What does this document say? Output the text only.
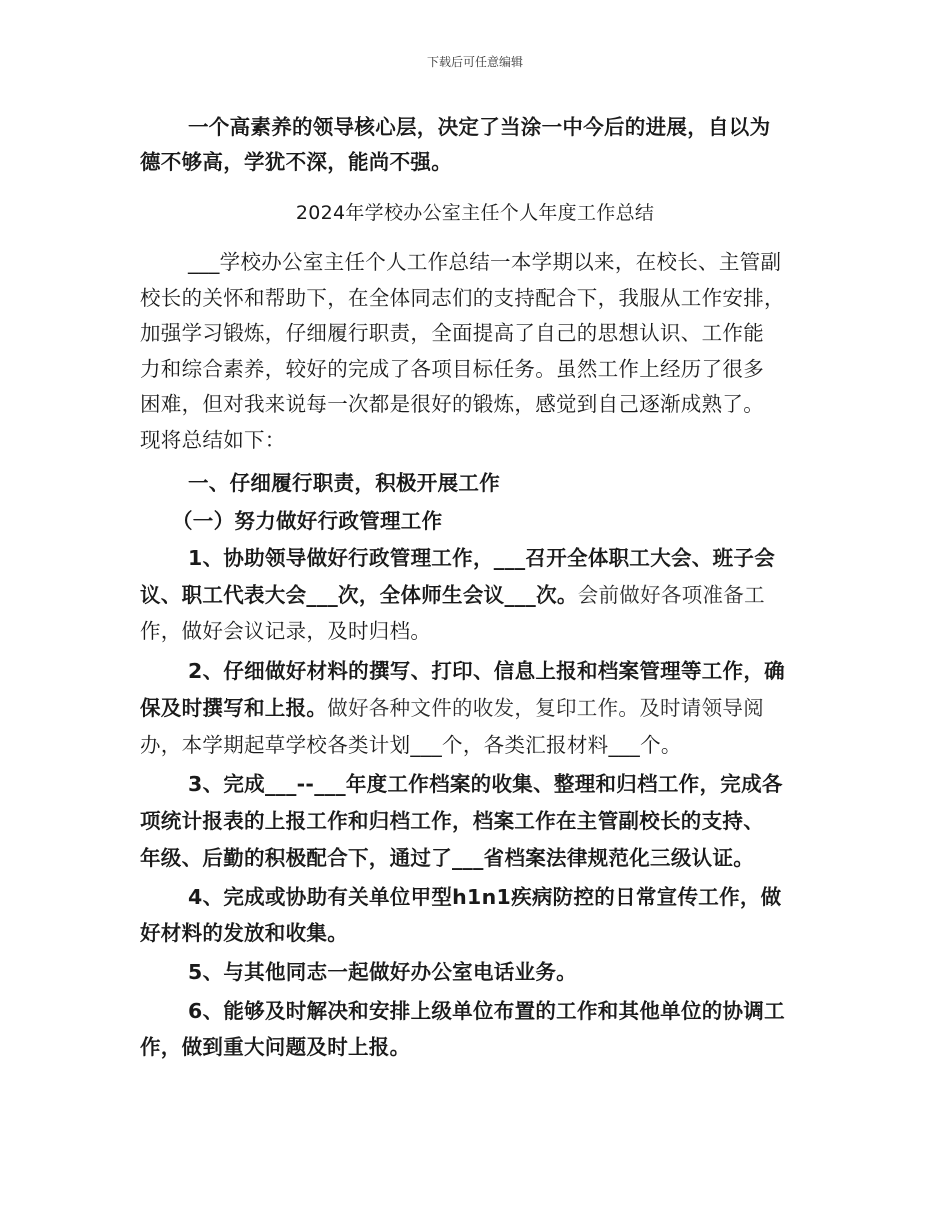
下载后可任意编辑
一个高素养的领导核心层，决定了当涂一中今后的进展，自以为
德不够高，学犹不深，能尚不强。
2024年学校办公室主任个人年度工作总结
___学校办公室主任个人工作总结一本学期以来，在校长、主管副
校长的关怀和帮助下，在全体同志们的支持配合下，我服从工作安排，
加强学习锻炼，仔细履行职责，全面提高了自己的思想认识、工作能
力和综合素养，较好的完成了各项目标任务。虽然工作上经历了很多
困难，但对我来说每一次都是很好的锻炼，感觉到自己逐渐成熟了。
现将总结如下：
一、仔细履行职责，积极开展工作
（一）努力做好行政管理工作
1、协助领导做好行政管理工作，___召开全体职工大会、班子会
议、职工代表大会___次，全体师生会议___次。会前做好各项准备工
作，做好会议记录，及时归档。
2、仔细做好材料的撰写、打印、信息上报和档案管理等工作，确
保及时撰写和上报。做好各种文件的收发，复印工作。及时请领导阅
办，本学期起草学校各类计划___个，各类汇报材料___个。
3、完成___--___年度工作档案的收集、整理和归档工作，完成各
项统计报表的上报工作和归档工作，档案工作在主管副校长的支持、
年级、后勤的积极配合下，通过了___省档案法律规范化三级认证。
4、完成或协助有关单位甲型h1n1疾病防控的日常宣传工作，做
好材料的发放和收集。
5、与其他同志一起做好办公室电话业务。
6、能够及时解决和安排上级单位布置的工作和其他单位的协调工
作，做到重大问题及时上报。
